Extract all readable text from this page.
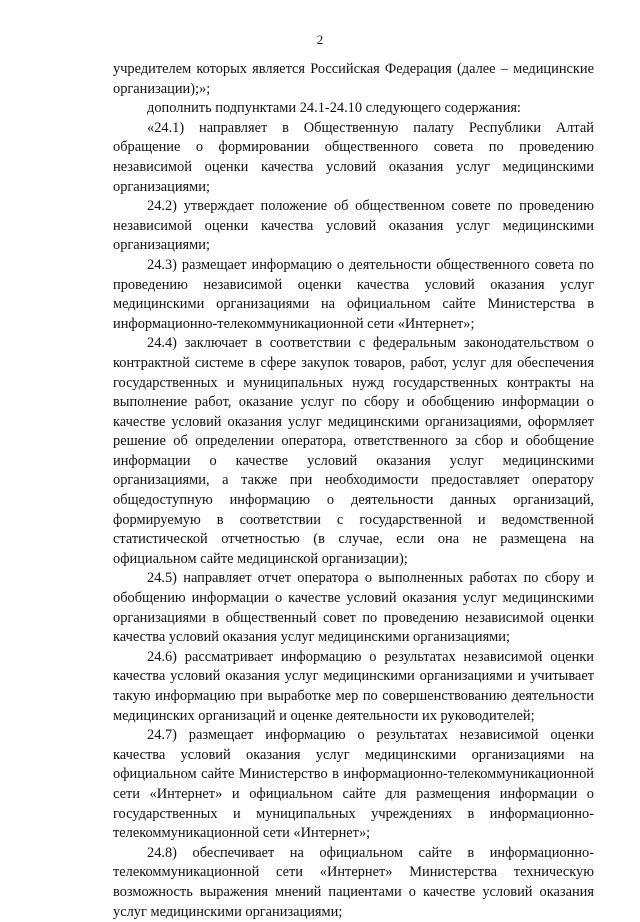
2

учредителем которых является Российская Федерация (далее – медицинские организации);»;

дополнить подпунктами 24.1-24.10 следующего содержания:

«24.1) направляет в Общественную палату Республики Алтай обращение о формировании общественного совета по проведению независимой оценки качества условий оказания услуг медицинскими организациями;

24.2) утверждает положение об общественном совете по проведению независимой оценки качества условий оказания услуг медицинскими организациями;

24.3) размещает информацию о деятельности общественного совета по проведению независимой оценки качества условий оказания услуг медицинскими организациями на официальном сайте Министерства в информационно-телекоммуникационной сети «Интернет»;

24.4) заключает в соответствии с федеральным законодательством о контрактной системе в сфере закупок товаров, работ, услуг для обеспечения государственных и муниципальных нужд государственных контракты на выполнение работ, оказание услуг по сбору и обобщению информации о качестве условий оказания услуг медицинскими организациями, оформляет решение об определении оператора, ответственного за сбор и обобщение информации о качестве условий оказания услуг медицинскими организациями, а также при необходимости предоставляет оператору общедоступную информацию о деятельности данных организаций, формируемую в соответствии с государственной и ведомственной статистической отчетностью (в случае, если она не размещена на официальном сайте медицинской организации);

24.5) направляет отчет оператора о выполненных работах по сбору и обобщению информации о качестве условий оказания услуг медицинскими организациями в общественный совет по проведению независимой оценки качества условий оказания услуг медицинскими организациями;

24.6) рассматривает информацию о результатах независимой оценки качества условий оказания услуг медицинскими организациями и учитывает такую информацию при выработке мер по совершенствованию деятельности медицинских организаций и оценке деятельности их руководителей;

24.7) размещает информацию о результатах независимой оценки качества условий оказания услуг медицинскими организациями на официальном сайте Министерство в информационно-телекоммуникационной сети «Интернет» и официальном сайте для размещения информации о государственных и муниципальных учреждениях в информационно-телекоммуникационной сети «Интернет»;

24.8) обеспечивает на официальном сайте в информационно-телекоммуникационной сети «Интернет» Министерства техническую возможность выражения мнений пациентами о качестве условий оказания услуг медицинскими организациями;
